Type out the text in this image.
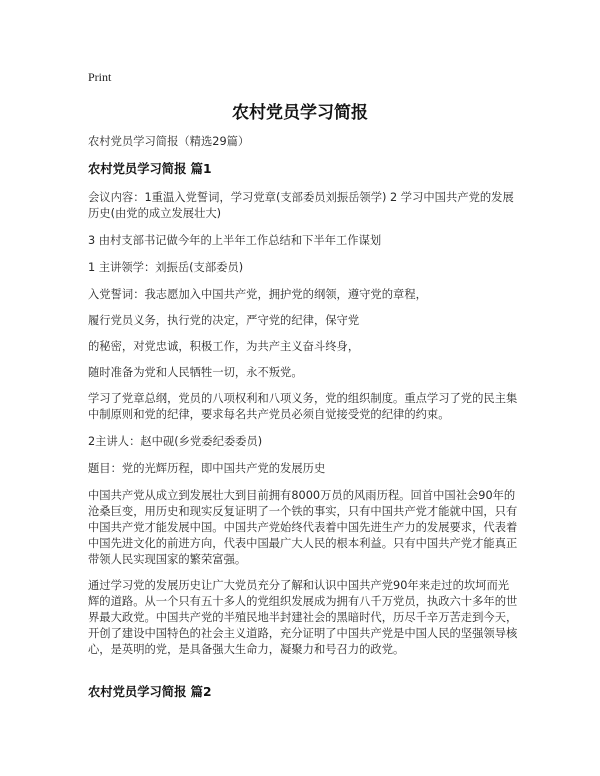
Print
农村党员学习简报
农村党员学习简报（精选29篇）
农村党员学习简报 篇1
会议内容：1重温入党誓词，学习党章(支部委员刘振岳领学) 2 学习中国共产党的发展历史(由党的成立发展壮大)
3 由村支部书记做今年的上半年工作总结和下半年工作谋划
1 主讲领学：刘振岳(支部委员)
入党誓词：我志愿加入中国共产党，拥护党的纲领，遵守党的章程，
履行党员义务，执行党的决定，严守党的纪律，保守党
的秘密，对党忠诚，积极工作，为共产主义奋斗终身，
随时准备为党和人民牺牲一切，永不叛党。
学习了党章总纲，党员的八项权利和八项义务，党的组织制度。重点学习了党的民主集中制原则和党的纪律，要求每名共产党员必须自觉接受党的纪律的约束。
2主讲人：赵中砚(乡党委纪委委员)
题目：党的光辉历程，即中国共产党的发展历史
中国共产党从成立到发展壮大到目前拥有8000万员的风雨历程。回首中国社会90年的沧桑巨变，用历史和现实反复证明了一个铁的事实，只有中国共产党才能就中国，只有中国共产党才能发展中国。中国共产党始终代表着中国先进生产力的发展要求，代表着中国先进文化的前进方向，代表中国最广大人民的根本利益。只有中国共产党才能真正带领人民实现国家的繁荣富强。
通过学习党的发展历史让广大党员充分了解和认识中国共产党90年来走过的坎坷而光辉的道路。从一个只有五十多人的党组织发展成为拥有八千万党员，执政六十多年的世界最大政党。中国共产党的半殖民地半封建社会的黑暗时代，历尽千辛万苦走到今天，开创了建设中国特色的社会主义道路，充分证明了中国共产党是中国人民的坚强领导核心，是英明的党，是具备强大生命力，凝聚力和号召力的政党。
农村党员学习简报 篇2
